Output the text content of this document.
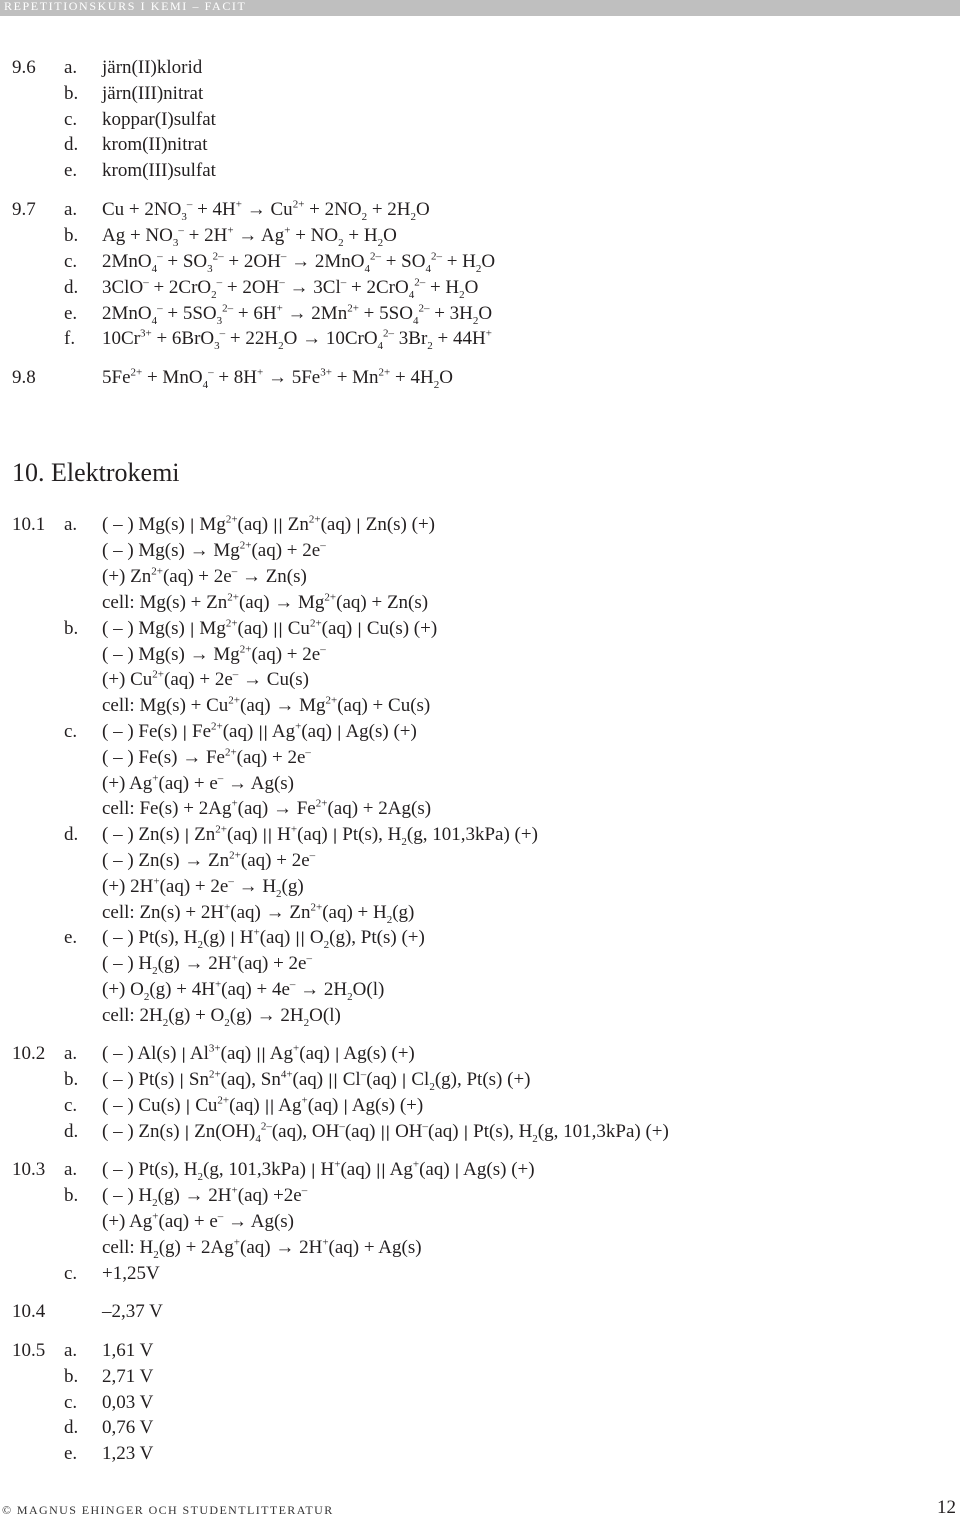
REPETITIONSKURS I KEMI – FACIT
10. Elektrokemi
9.6 a. järn(II)klorid
b. järn(III)nitrat
c. koppar(I)sulfat
d. krom(II)nitrat
e. krom(III)sulfat
9.7 a. $Cu + 2NO_3^- + 4H^+ \to Cu^{2+} + 2NO_2 + 2H_2O$
b. $Ag + NO_3^- + 2H^+ \to Ag^+ + NO_2 + H_2O$
c. $2MnO_4^- + SO_3^{2-} + 2OH^- \to 2MnO_4^{2-} + SO_4^{2-} + H_2O$
d. $3ClO^- + 2CrO_2^- + 2OH^- \to 3Cl^- + 2CrO_4^{2-} + H_2O$
e. $2MnO_4^- + 5SO_3^{2-} + 6H^+ \to 2Mn^{2+} + 5SO_4^{2-} + 3H_2O$
f. $10Cr^{3+} + 6BrO_3^- + 22H_2O \to 10CrO_4^{2-}$ $3Br_2 + 44H^+$
9.8	$5Fe^{2+} + MnO_4^- + 8H^+ \to 5Fe^{3+} + Mn^{2+} + 4H_2O$
10.1 a. ( – ) Mg(s) | $Mg^{2+}(aq)$ || $Zn^{2+}(aq)$ | Zn(s) (+)
( – ) $Mg(s) \to Mg^{2+}(aq) + 2e^-$
(+) $Zn^{2+}(aq) + 2e^- \to Zn(s)$
cell: $Mg(s) + Zn^{2+}(aq) \to Mg^{2+}(aq) + Zn(s)$
b. ( – ) Mg(s) | $Mg^{2+}(aq)$ || $Cu^{2+}(aq)$ | Cu(s) (+)
( – ) $Mg(s) \to Mg^{2+}(aq) + 2e^-$
(+) $Cu^{2+}(aq) + 2e^- \to Cu(s)$
cell: $Mg(s) + Cu^{2+}(aq) \to Mg^{2+}(aq) + Cu(s)$
c. ( – ) Fe(s) | $Fe^{2+}(aq)$ || Ag+(aq) | Ag(s) (+)
( – ) $Fe(s) \to Fe^{2+}(aq) + 2e^-$
(+) Ag+(aq) + e– → Ag(s)
cell: $Fe(s) + 2Ag^+(aq) \to Fe^{2+}(aq) + 2Ag(s)$
d. ( – ) Zn(s) | $Zn^{2+}(aq)$ || H+(aq) | Pt(s), $H_2(g$, 101,3kPa) (+)
( – ) $Zn(s) \to Zn^{2+}(aq) + 2e^-$
(+) $2H^+(aq) + 2e^- \to H_2(g)$
cell: $Zn(s) + 2H^+(aq) \to Zn^{2+}(aq) + H_2(g)$
e. ( – ) Pt(s), $H_2(g)$ | H+(aq) || $O_2(g)$, Pt(s) (+)
( – ) $H_2(g) \to 2H^+(aq) + 2e^-$
(+) $O_2(g) + 4H^+(aq) + 4e^- \to 2H_2O(l)$
cell: $2H_2(g) + O_2(g) \to 2H_2O(l)$
10.2 a. ( – ) Al(s) | $Al^{3+}(aq)$ || Ag+(aq) | Ag(s) (+)
b. ( – ) Pt(s) | $Sn^{2+}(aq)$, $Sn^{4+}(aq)$ || Cl–(aq) | $Cl_2(g)$, Pt(s) (+)
c. ( – ) Cu(s) | $Cu^{2+}(aq)$ || Ag+(aq) | Ag(s) (+)
d. ( – ) Zn(s) | $Zn(OH)_4^{2-}(aq)$, OH–(aq) || OH–(aq) | Pt(s), $H_2(g$, 101,3kPa) (+)
10.3 a. ( – ) Pt(s), $H_2(g$, 101,3kPa) | H+(aq) || Ag+(aq) | Ag(s) (+)
b. ( – ) $H_2(g) \to 2H^+(aq) +2e^-$
(+) Ag+(aq) + e– → Ag(s)
cell: $H_2(g) + 2Ag^+(aq) \to 2H^+(aq) + Ag(s)$
c. +1,25V
10.4	–2,37 V
10.5 a. 1,61 V
b. 2,71 V
c. 0,03 V
d. 0,76 V
e. 1,23 V
© MAGNUS EHINGER OCH STUDENTLITTERATUR	12
